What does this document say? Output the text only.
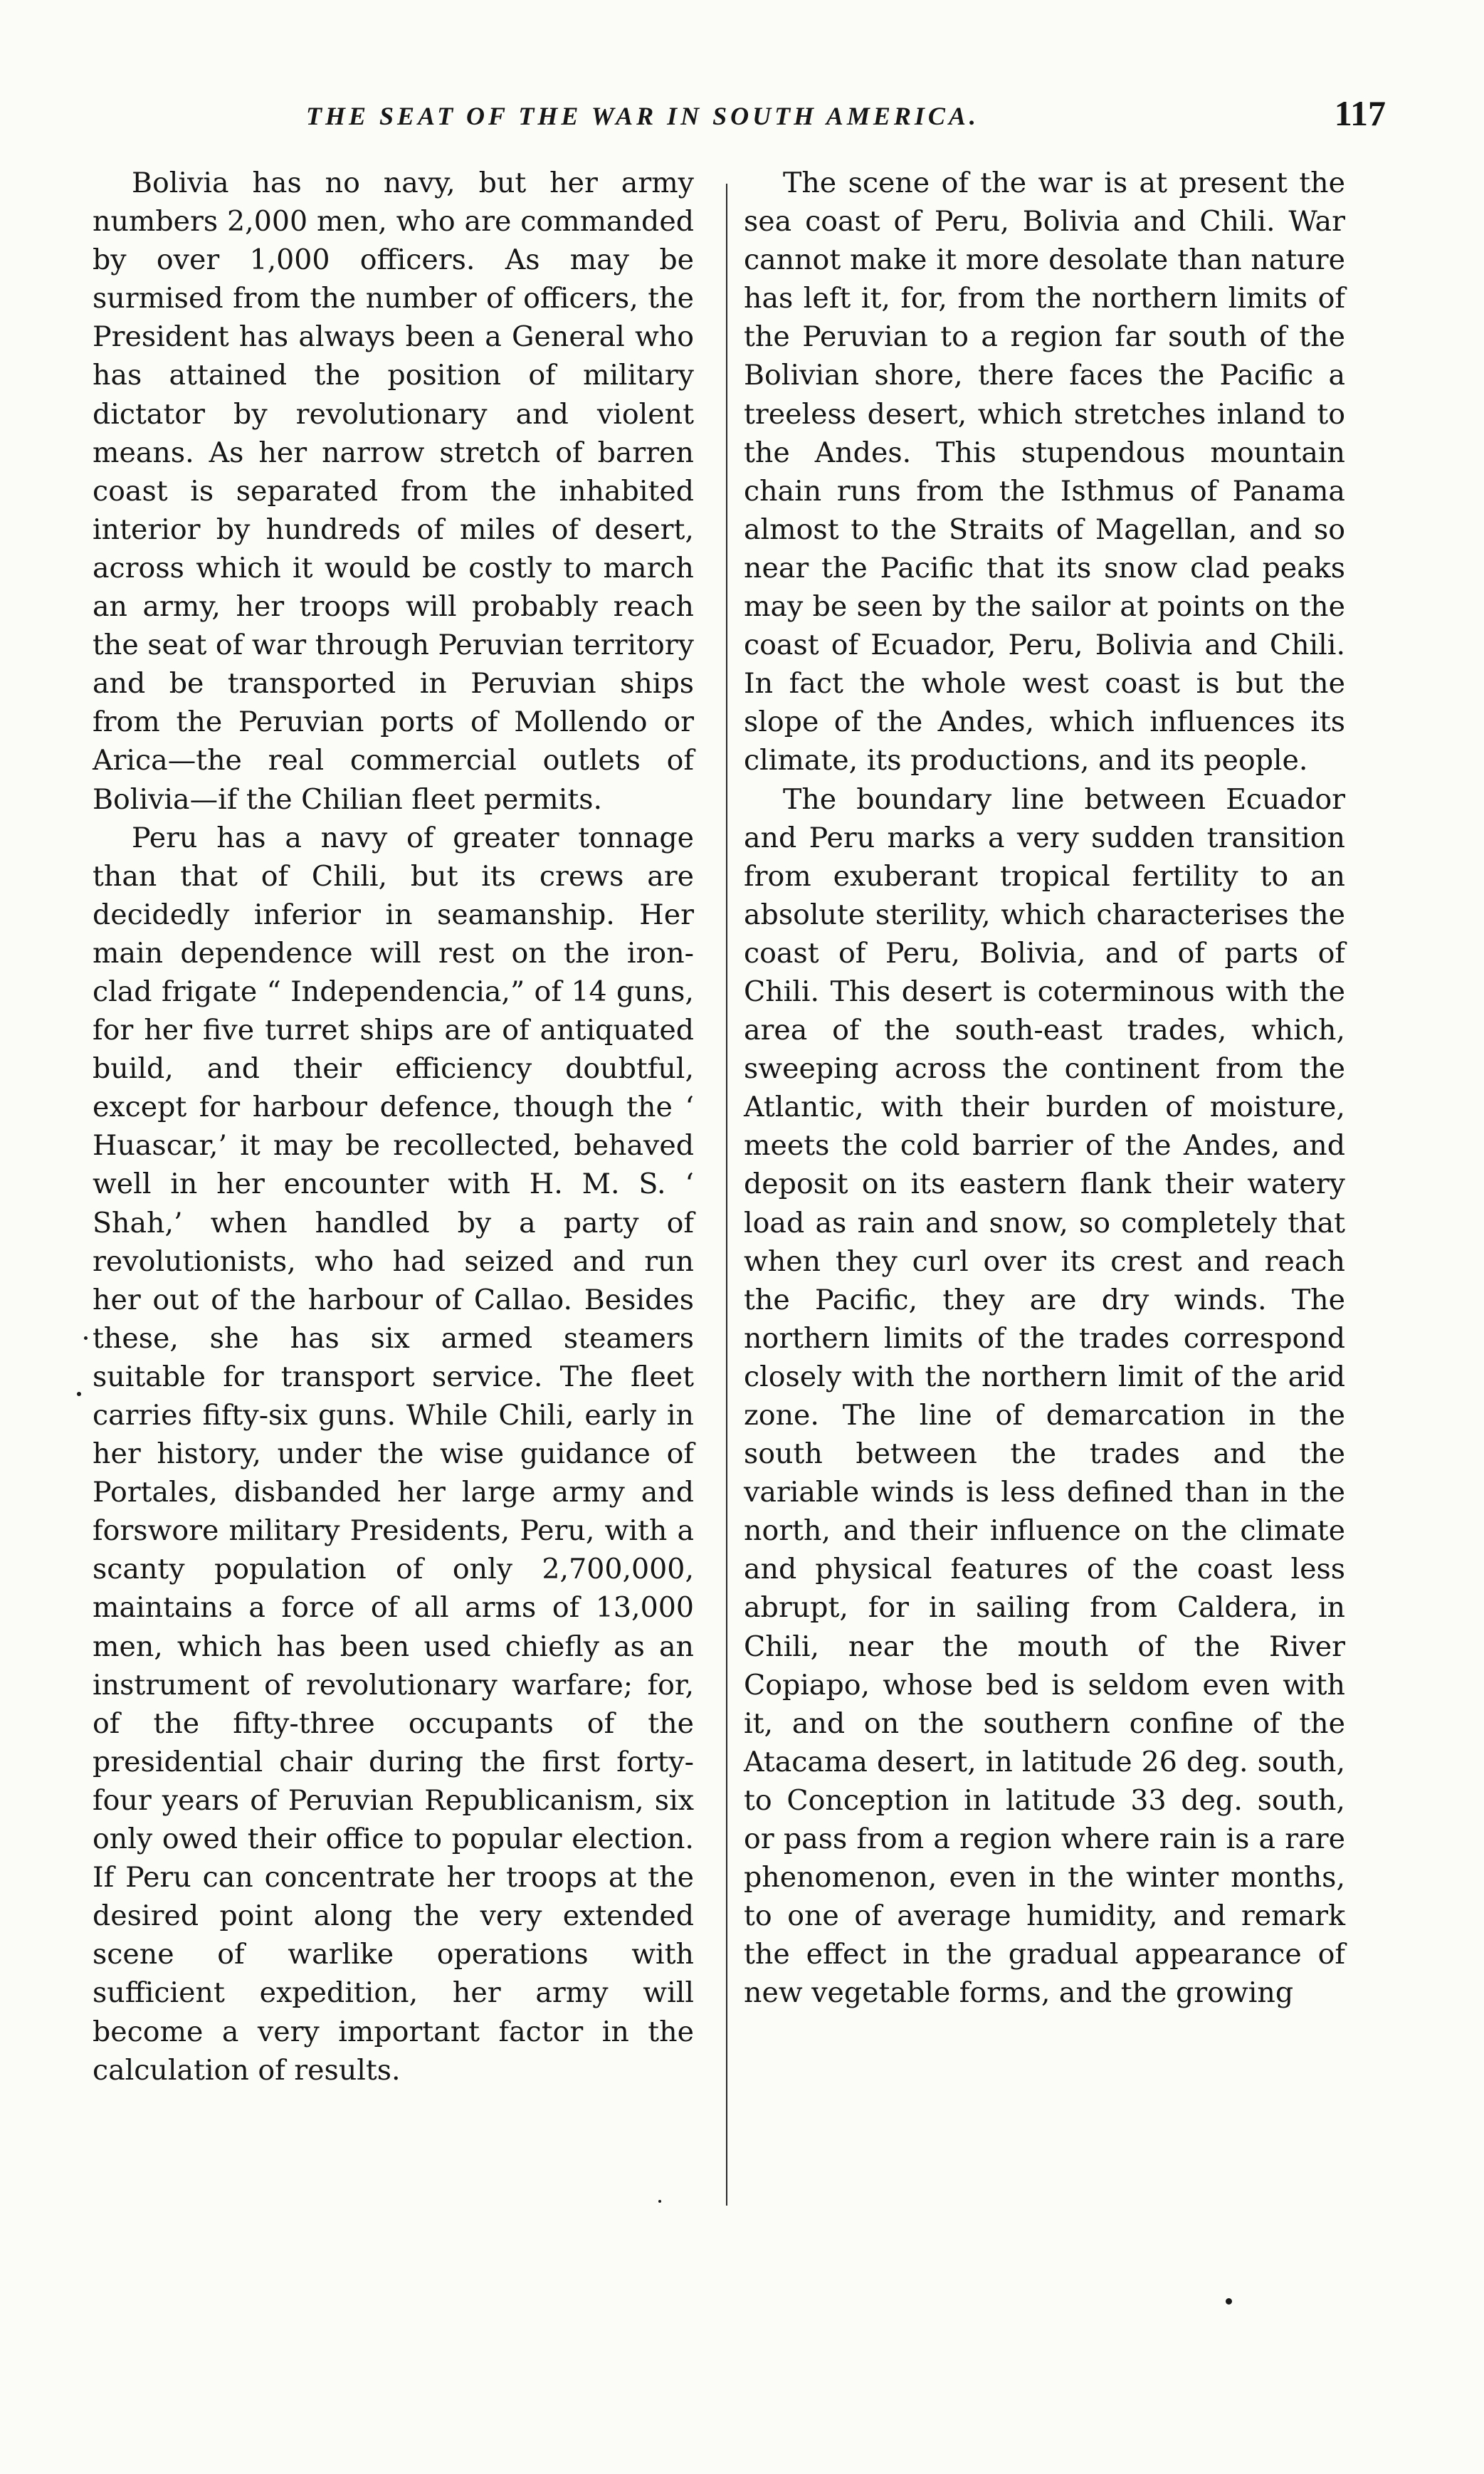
THE SEAT OF THE WAR IN SOUTH AMERICA.	117

Bolivia has no navy, but her army numbers 2,000 men, who are commanded by over 1,000 officers. As may be surmised from the number of officers, the President has always been a General who has attained the position of military dictator by revolutionary and violent means. As her narrow stretch of barren coast is separated from the inhabited interior by hundreds of miles of desert, across which it would be costly to march an army, her troops will probably reach the seat of war through Peruvian territory and be transported in Peruvian ships from the Peruvian ports of Mollendo or Arica—the real commercial outlets of Bolivia—if the Chilian fleet permits.

Peru has a navy of greater tonnage than that of Chili, but its crews are decidedly inferior in seamanship. Her main dependence will rest on the iron-clad frigate “ Independencia,” of 14 guns, for her five turret ships are of antiquated build, and their efficiency doubtful, except for harbour defence, though the ‘ Huascar,’ it may be recollected, behaved well in her encounter with H. M. S. ‘ Shah,’ when handled by a party of revolutionists, who had seized and run her out of the harbour of Callao. Besides these, she has six armed steamers suitable for transport service. The fleet carries fifty-six guns. While Chili, early in her history, under the wise guidance of Portales, disbanded her large army and forswore military Presidents, Peru, with a scanty population of only 2,700,000, maintains a force of all arms of 13,000 men, which has been used chiefly as an instrument of revolutionary warfare; for, of the fifty-three occupants of the presidential chair during the first forty-four years of Peruvian Republicanism, six only owed their office to popular election. If Peru can concentrate her troops at the desired point along the very extended scene of warlike operations with sufficient expedition, her army will become a very important factor in the calculation of results.

The scene of the war is at present the sea coast of Peru, Bolivia and Chili. War cannot make it more desolate than nature has left it, for, from the northern limits of the Peruvian to a region far south of the Bolivian shore, there faces the Pacific a treeless desert, which stretches inland to the Andes. This stupendous mountain chain runs from the Isthmus of Panama almost to the Straits of Magellan, and so near the Pacific that its snow clad peaks may be seen by the sailor at points on the coast of Ecuador, Peru, Bolivia and Chili. In fact the whole west coast is but the slope of the Andes, which influences its climate, its productions, and its people.

The boundary line between Ecuador and Peru marks a very sudden transition from exuberant tropical fertility to an absolute sterility, which characterises the coast of Peru, Bolivia, and of parts of Chili. This desert is coterminous with the area of the south-east trades, which, sweeping across the continent from the Atlantic, with their burden of moisture, meets the cold barrier of the Andes, and deposit on its eastern flank their watery load as rain and snow, so completely that when they curl over its crest and reach the Pacific, they are dry winds. The northern limits of the trades correspond closely with the northern limit of the arid zone. The line of demarcation in the south between the trades and the variable winds is less defined than in the north, and their influence on the climate and physical features of the coast less abrupt, for in sailing from Caldera, in Chili, near the mouth of the River Copiapo, whose bed is seldom even with it, and on the southern confine of the Atacama desert, in latitude 26 deg. south, to Conception in latitude 33 deg. south, or pass from a region where rain is a rare phenomenon, even in the winter months, to one of average humidity, and remark the effect in the gradual appearance of new vegetable forms, and the growing
